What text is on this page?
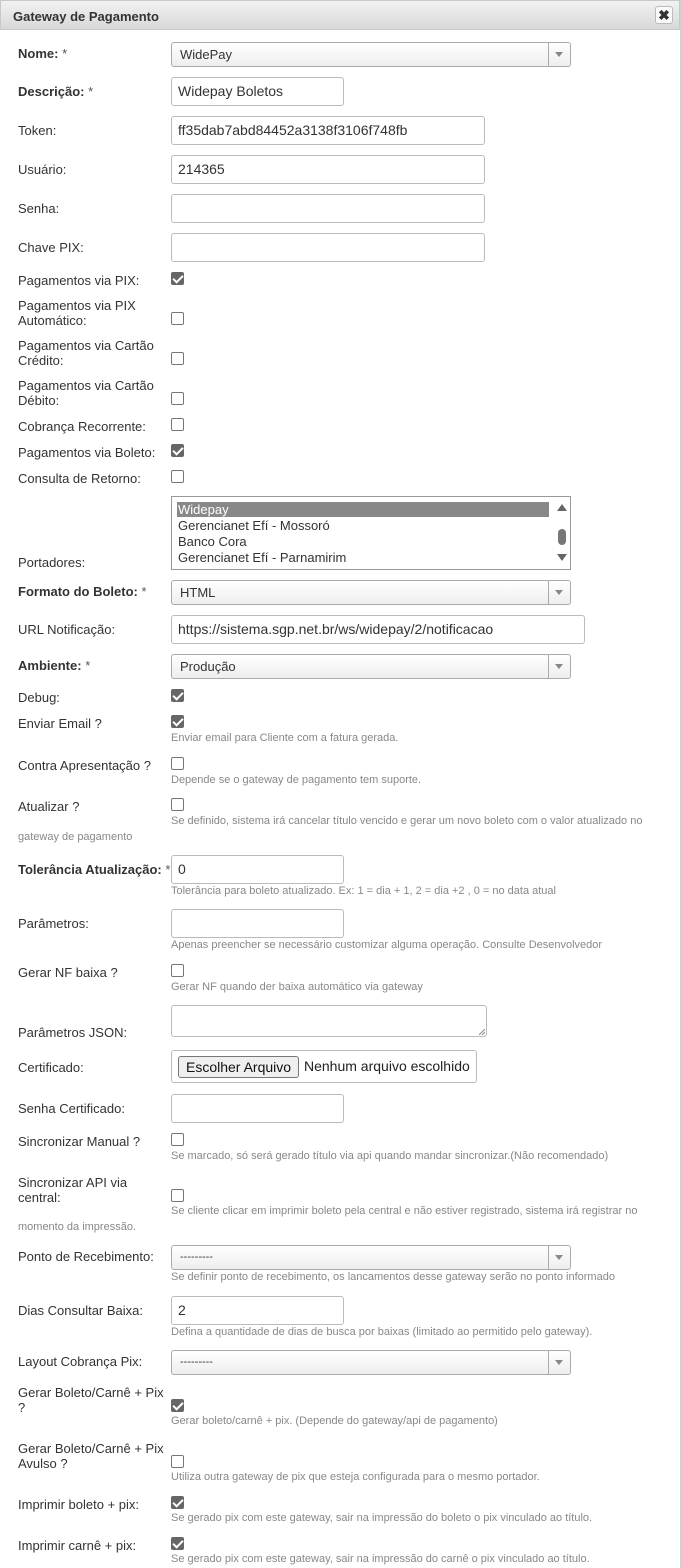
Gateway de Pagamento	✖
Nome: *	WidePay
Descrição: *	Widepay Boletos
Token:	ff35dab7abd84452a3138f3106f748fb
Usuário:	214365
Senha:
Chave PIX:
Pagamentos via PIX:
Pagamentos via PIX
Automático:
Pagamentos via Cartão
Crédito:
Pagamentos via Cartão
Débito:
Cobrança Recorrente:
Pagamentos via Boleto:
Consulta de Retorno:
Portadores:
Widepay
Gerencianet Efí - Mossoró
Banco Cora
Gerencianet Efí - Parnamirim
Formato do Boleto: *	HTML
URL Notificação:	https://sistema.sgp.net.br/ws/widepay/2/notificacao
Ambiente: *	Produção
Debug:
Enviar Email ?
Enviar email para Cliente com a fatura gerada.
Contra Apresentação ?
Depende se o gateway de pagamento tem suporte.
Atualizar ?
Se definido, sistema irá cancelar título vencido e gerar um novo boleto com o valor atualizado no
gateway de pagamento
Tolerância Atualização: * 0
Tolerância para boleto atualizado. Ex: 1 = dia + 1, 2 = dia +2 , 0 = no data atual
Parâmetros:
Apenas preencher se necessário customizar alguma operação. Consulte Desenvolvedor
Gerar NF baixa ?
Gerar NF quando der baixa automático via gateway
Parâmetros JSON:
Certificado:	Escolher Arquivo Nenhum arquivo escolhido
Senha Certificado:
Sincronizar Manual ?
Se marcado, só será gerado título via api quando mandar sincronizar.(Não recomendado)
Sincronizar API via
central:
Se cliente clicar em imprimir boleto pela central e não estiver registrado, sistema irá registrar no
momento da impressão.
Ponto de Recebimento:	---------
Se definir ponto de recebimento, os lancamentos desse gateway serão no ponto informado
Dias Consultar Baixa:	2
Defina a quantidade de dias de busca por baixas (limitado ao permitido pelo gateway).
Layout Cobrança Pix:	---------
Gerar Boleto/Carnê + Pix
?
Gerar boleto/carnê + pix. (Depende do gateway/api de pagamento)
Gerar Boleto/Carnê + Pix
Avulso ?
Utiliza outra gateway de pix que esteja configurada para o mesmo portador.
Imprimir boleto + pix:
Se gerado pix com este gateway, sair na impressão do boleto o pix vinculado ao título.
Imprimir carnê + pix:
Se gerado pix com este gateway, sair na impressão do carnê o pix vinculado ao título.
